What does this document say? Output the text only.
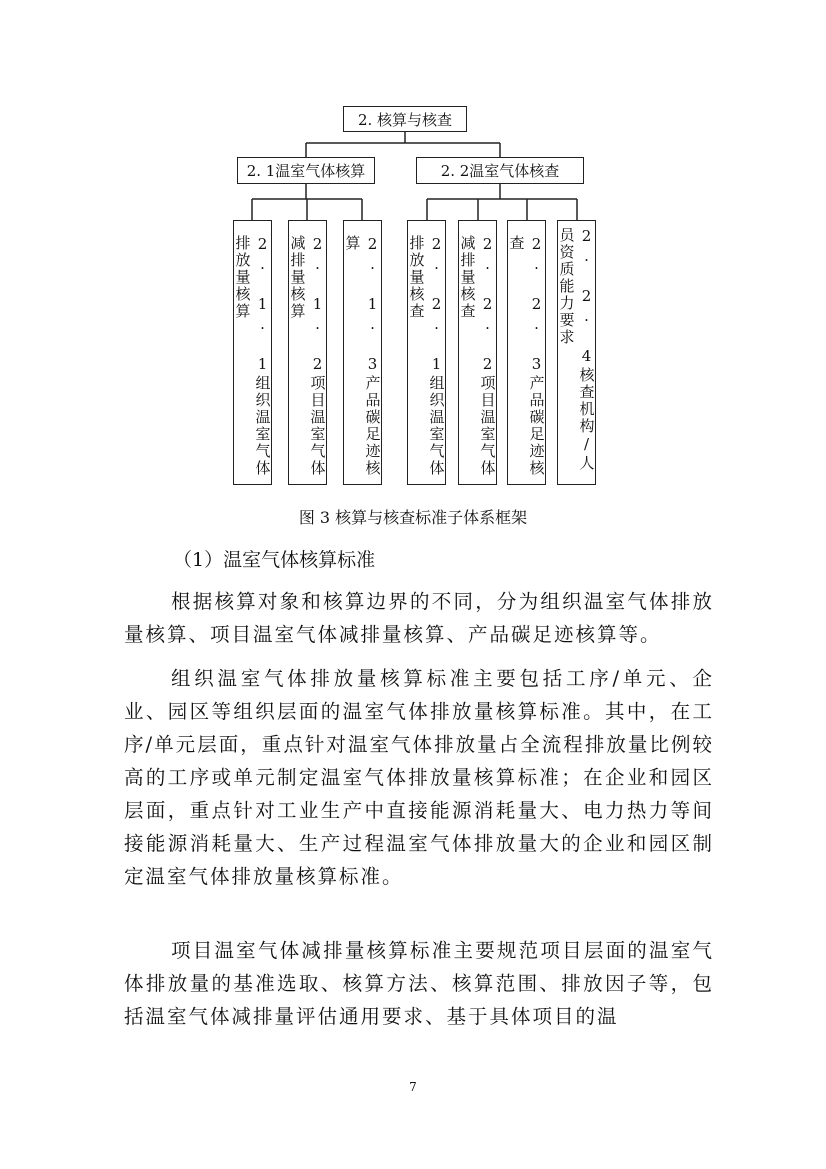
2. 核算与核查
2. 1温室气体核算	2. 2温室气体核查
2. 1. 1组织温室气体排放量核算	2. 1. 2项目温室气体减排量核算	2. 1. 3产品碳足迹核算	2. 2. 1组织温室气体排放量核查	2. 2. 2项目温室气体减排量核查	2. 2. 3产品碳足迹核查	2. 2. 4核查机构/人员资质能力要求
图 3 核算与核查标准子体系框架
（1）温室气体核算标准
根据核算对象和核算边界的不同，分为组织温室气体排放量核算、项目温室气体减排量核算、产品碳足迹核算等。
组织温室气体排放量核算标准主要包括工序/单元、企业、园区等组织层面的温室气体排放量核算标准。其中，在工序/单元层面，重点针对温室气体排放量占全流程排放量比例较高的工序或单元制定温室气体排放量核算标准；在企业和园区层面，重点针对工业生产中直接能源消耗量大、电力热力等间接能源消耗量大、生产过程温室气体排放量大的企业和园区制定温室气体排放量核算标准。
项目温室气体减排量核算标准主要规范项目层面的温室气体排放量的基准选取、核算方法、核算范围、排放因子等，包括温室气体减排量评估通用要求、基于具体项目的温
7
